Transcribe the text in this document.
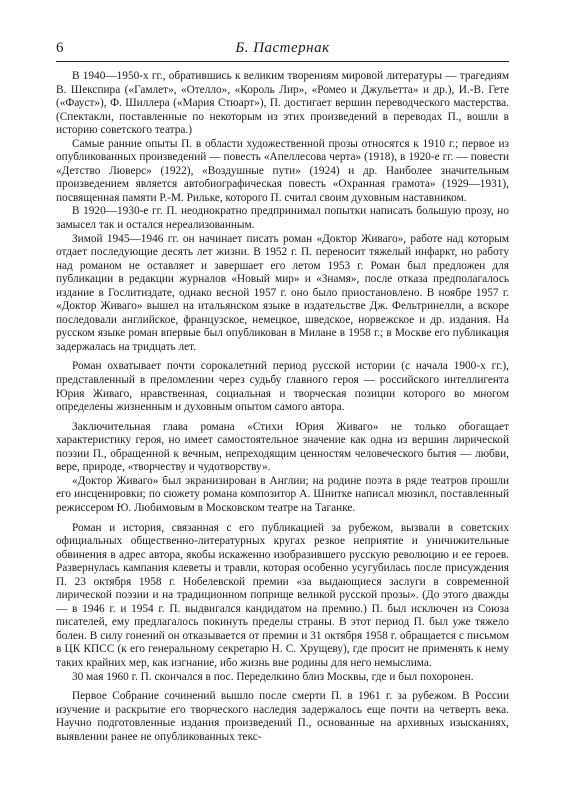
6	Б. Пастернак

В 1940—1950-х гг., обратившись к великим творениям мировой литературы — трагедиям В. Шекспира («Гамлет», «Отелло», «Король Лир», «Ромео и Джульетта» и др.), И.-В. Гете («Фауст»), Ф. Шиллера («Мария Стюарт»), П. достигает вершин переводческого мастерства. (Спектакли, поставленные по некоторым из этих произведений в переводах П., вошли в историю советского театра.)

Самые ранние опыты П. в области художественной прозы относятся к 1910 г.; первое из опубликованных произведений — повесть «Апеллесова черта» (1918), в 1920-е гг. — повести «Детство Люверс» (1922), «Воздушные пути» (1924) и др. Наиболее значительным произведением является автобиографическая повесть «Охранная грамота» (1929—1931), посвященная памяти Р.-М. Рильке, которого П. считал своим духовным наставником.

В 1920—1930-е гг. П. неоднократно предпринимал попытки написать большую прозу, но замысел так и остался нереализованным.

Зимой 1945—1946 гг. он начинает писать роман «Доктор Живаго», работе над которым отдает последующие десять лет жизни. В 1952 г. П. переносит тяжелый инфаркт, но работу над романом не оставляет и завершает его летом 1953 г. Роман был предложен для публикации в редакции журналов «Новый мир» и «Знамя», после отказа предполагалось издание в Гослитиздате, однако весной 1957 г. оно было приостановлено. В ноябре 1957 г. «Доктор Живаго» вышел на итальянском языке в издательстве Дж. Фельтринелли, а вскоре последовали английское, французское, немецкое, шведское, норвежское и др. издания. На русском языке роман впервые был опубликован в Милане в 1958 г.; в Москве его публикация задержалась на тридцать лет.

Роман охватывает почти сорокалетний период русской истории (с начала 1900-х гг.), представленный в преломлении через судьбу главного героя — российского интеллигента Юрия Живаго, нравственная, социальная и творческая позиции которого во многом определены жизненным и духовным опытом самого автора.

Заключительная глава романа «Стихи Юрия Живаго» не только обогащает характеристику героя, но имеет самостоятельное значение как одна из вершин лирической поэзии П., обращенной к вечным, непреходящим ценностям человеческого бытия — любви, вере, природе, «творчеству и чудотворству».

«Доктор Живаго» был экранизирован в Англии; на родине поэта в ряде театров прошли его инсценировки; по сюжету романа композитор А. Шнитке написал мюзикл, поставленный режиссером Ю. Любимовым в Московском театре на Таганке.

Роман и история, связанная с его публикацией за рубежом, вызвали в советских официальных общественно-литературных кругах резкое неприятие и уничижительные обвинения в адрес автора, якобы искаженно изобразившего русскую революцию и ее героев. Развернулась кампания клеветы и травли, которая особенно усугубилась после присуждения П. 23 октября 1958 г. Нобелевской премии «за выдающиеся заслуги в современной лирической поэзии и на традиционном поприще великой русской прозы». (До этого дважды — в 1946 г. и 1954 г. П. выдвигался кандидатом на премию.) П. был исключен из Союза писателей, ему предлагалось покинуть пределы страны. В этот период П. был уже тяжело болен. В силу гонений он отказывается от премии и 31 октября 1958 г. обращается с письмом в ЦК КПСС (к его генеральному секретарю Н. С. Хрущеву), где просит не применять к нему таких крайних мер, как изгнание, ибо жизнь вне родины для него немыслима.

30 мая 1960 г. П. скончался в пос. Переделкино близ Москвы, где и был похоронен.

Первое Собрание сочинений вышло после смерти П. в 1961 г. за рубежом. В России изучение и раскрытие его творческого наследия задержалось еще почти на четверть века. Научно подготовленные издания произведений П., основанные на архивных изысканиях, выявлении ранее не опубликованных текс-
